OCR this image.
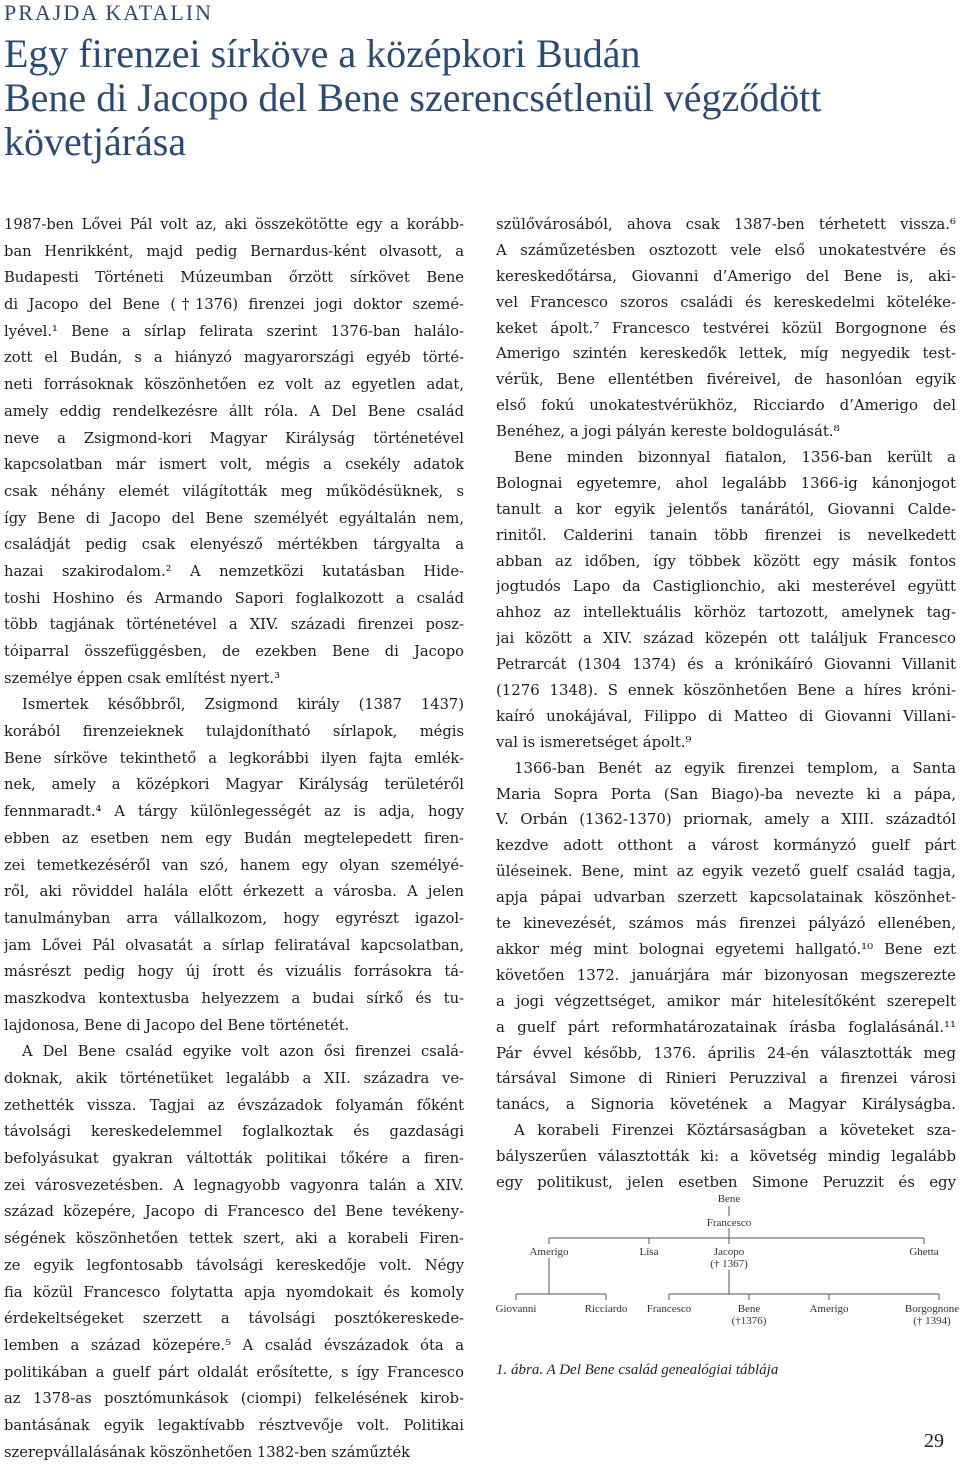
PRAJDA KATALIN
Egy firenzei sírköve a középkori Budán
Bene di Jacopo del Bene szerencsétlenül végződött
követjárása
1987-ben Lővei Pál volt az, aki összekötötte egy a korább-
ban Henrikként, majd pedig Bernardus-ként olvasott, a
Budapesti Történeti Múzeumban őrzött sírkövet Bene
di Jacopo del Bene (†1376) firenzei jogi doktor szemé-
lyével.¹ Bene a sírlap felirata szerint 1376-ban halálo-
zott el Budán, s a hiányzó magyarországi egyéb törté-
neti forrásoknak köszönhetően ez volt az egyetlen adat,
amely eddig rendelkezésre állt róla. A Del Bene család
neve a Zsigmond-kori Magyar Királyság történetével
kapcsolatban már ismert volt, mégis a csekély adatok
csak néhány elemét világították meg működésüknek, s
így Bene di Jacopo del Bene személyét egyáltalán nem,
családját pedig csak elenyésző mértékben tárgyalta a
hazai szakirodalom.² A nemzetközi kutatásban Hide-
toshi Hoshino és Armando Sapori foglalkozott a család
több tagjának történetével a XIV. századi firenzei posz-
tóiparral összefüggésben, de ezekben Bene di Jacopo
személye éppen csak említést nyert.³
Ismertek későbbről, Zsigmond király (1387 1437)
korából firenzeieknek tulajdonítható sírlapok, mégis
Bene sírköve tekinthető a legkorábbi ilyen fajta emlék-
nek, amely a középkori Magyar Királyság területéről
fennmaradt.⁴ A tárgy különlegességét az is adja, hogy
ebben az esetben nem egy Budán megtelepedett firen-
zei temetkezéséről van szó, hanem egy olyan személyé-
ről, aki röviddel halála előtt érkezett a városba. A jelen
tanulmányban arra vállalkozom, hogy egyrészt igazol-
jam Lővei Pál olvasatát a sírlap feliratával kapcsolatban,
másrészt pedig hogy új írott és vizuális forrásokra tá-
maszkodva kontextusba helyezzem a budai sírkő és tu-
lajdonosa, Bene di Jacopo del Bene történetét.
A Del Bene család egyike volt azon ősi firenzei csalá-
doknak, akik történetüket legalább a XII. századra ve-
zethették vissza. Tagjai az évszázadok folyamán főként
távolsági kereskedelemmel foglalkoztak és gazdasági
befolyásukat gyakran váltották politikai tőkére a firen-
zei városvezetésben. A legnagyobb vagyonra talán a XIV.
század közepére, Jacopo di Francesco del Bene tevékeny-
ségének köszönhetően tettek szert, aki a korabeli Firen-
ze egyik legfontosabb távolsági kereskedője volt. Négy
fia közül Francesco folytatta apja nyomdokait és komoly
érdekeltségeket szerzett a távolsági posztókereskede-
lemben a század közepére.⁵ A család évszázadok óta a
politikában a guelf párt oldalát erősítette, s így Francesco
az 1378-as posztómunkások (ciompi) felkelésének kirob-
bantásának egyik legaktívabb résztvevője volt. Politikai
szerepvállalásának köszönhetően 1382-ben száműzték
szülővárosából, ahova csak 1387-ben térhetett vissza.⁶
A száműzetésben osztozott vele első unokatestvére és
kereskedőtársa, Giovanni d’Amerigo del Bene is, aki-
vel Francesco szoros családi és kereskedelmi köteléke-
keket ápolt.⁷ Francesco testvérei közül Borgognone és
Amerigo szintén kereskedők lettek, míg negyedik test-
vérük, Bene ellentétben fivéreivel, de hasonlóan egyik
első fokú unokatestvérükhöz, Ricciardo d’Amerigo del
Benéhez, a jogi pályán kereste boldogulását.⁸
Bene minden bizonnyal fiatalon, 1356-ban került a
Bolognai egyetemre, ahol legalább 1366-ig kánonjogot
tanult a kor egyik jelentős tanárától, Giovanni Calde-
rinitől. Calderini tanain több firenzei is nevelkedett
abban az időben, így többek között egy másik fontos
jogtudós Lapo da Castiglionchio, aki mesterével együtt
ahhoz az intellektuális körhöz tartozott, amelynek tag-
jai között a XIV. század közepén ott találjuk Francesco
Petrarcát (1304 1374) és a krónikáíró Giovanni Villanit
(1276 1348). S ennek köszönhetően Bene a híres króni-
kaíró unokájával, Filippo di Matteo di Giovanni Villani-
val is ismeretséget ápolt.⁹
1366-ban Benét az egyik firenzei templom, a Santa
Maria Sopra Porta (San Biago)-ba nevezte ki a pápa,
V. Orbán (1362-1370) priornak, amely a XIII. századtól
kezdve adott otthont a várost kormányzó guelf párt
üléseinek. Bene, mint az egyik vezető guelf család tagja,
apja pápai udvarban szerzett kapcsolatainak köszönhet-
te kinevezését, számos más firenzei pályázó ellenében,
akkor még mint bolognai egyetemi hallgató.¹⁰ Bene ezt
követően 1372. januárjára már bizonyosan megszerezte
a jogi végzettséget, amikor már hitelesítőként szerepelt
a guelf párt reformhatározatainak írásba foglalásánál.¹¹
Pár évvel később, 1376. április 24-én választották meg
társával Simone di Rinieri Peruzzival a firenzei városi
tanács, a Signoria követének a Magyar Királyságba.
A korabeli Firenzei Köztársaságban a követeket sza-
bályszerűen választották ki: a követség mindig legalább
egy politikust, jelen esetben Simone Peruzzit és egy
Bene
Francesco
Amerigo	Lisa	Jacopo
(† 1367)
Ghetta
Giovanni	Ricciardo Francesco	Bene
(†1376)
Amerigo	Borgognone
(† 1394)
1. ábra. A Del Bene család genealógiai táblája
29
